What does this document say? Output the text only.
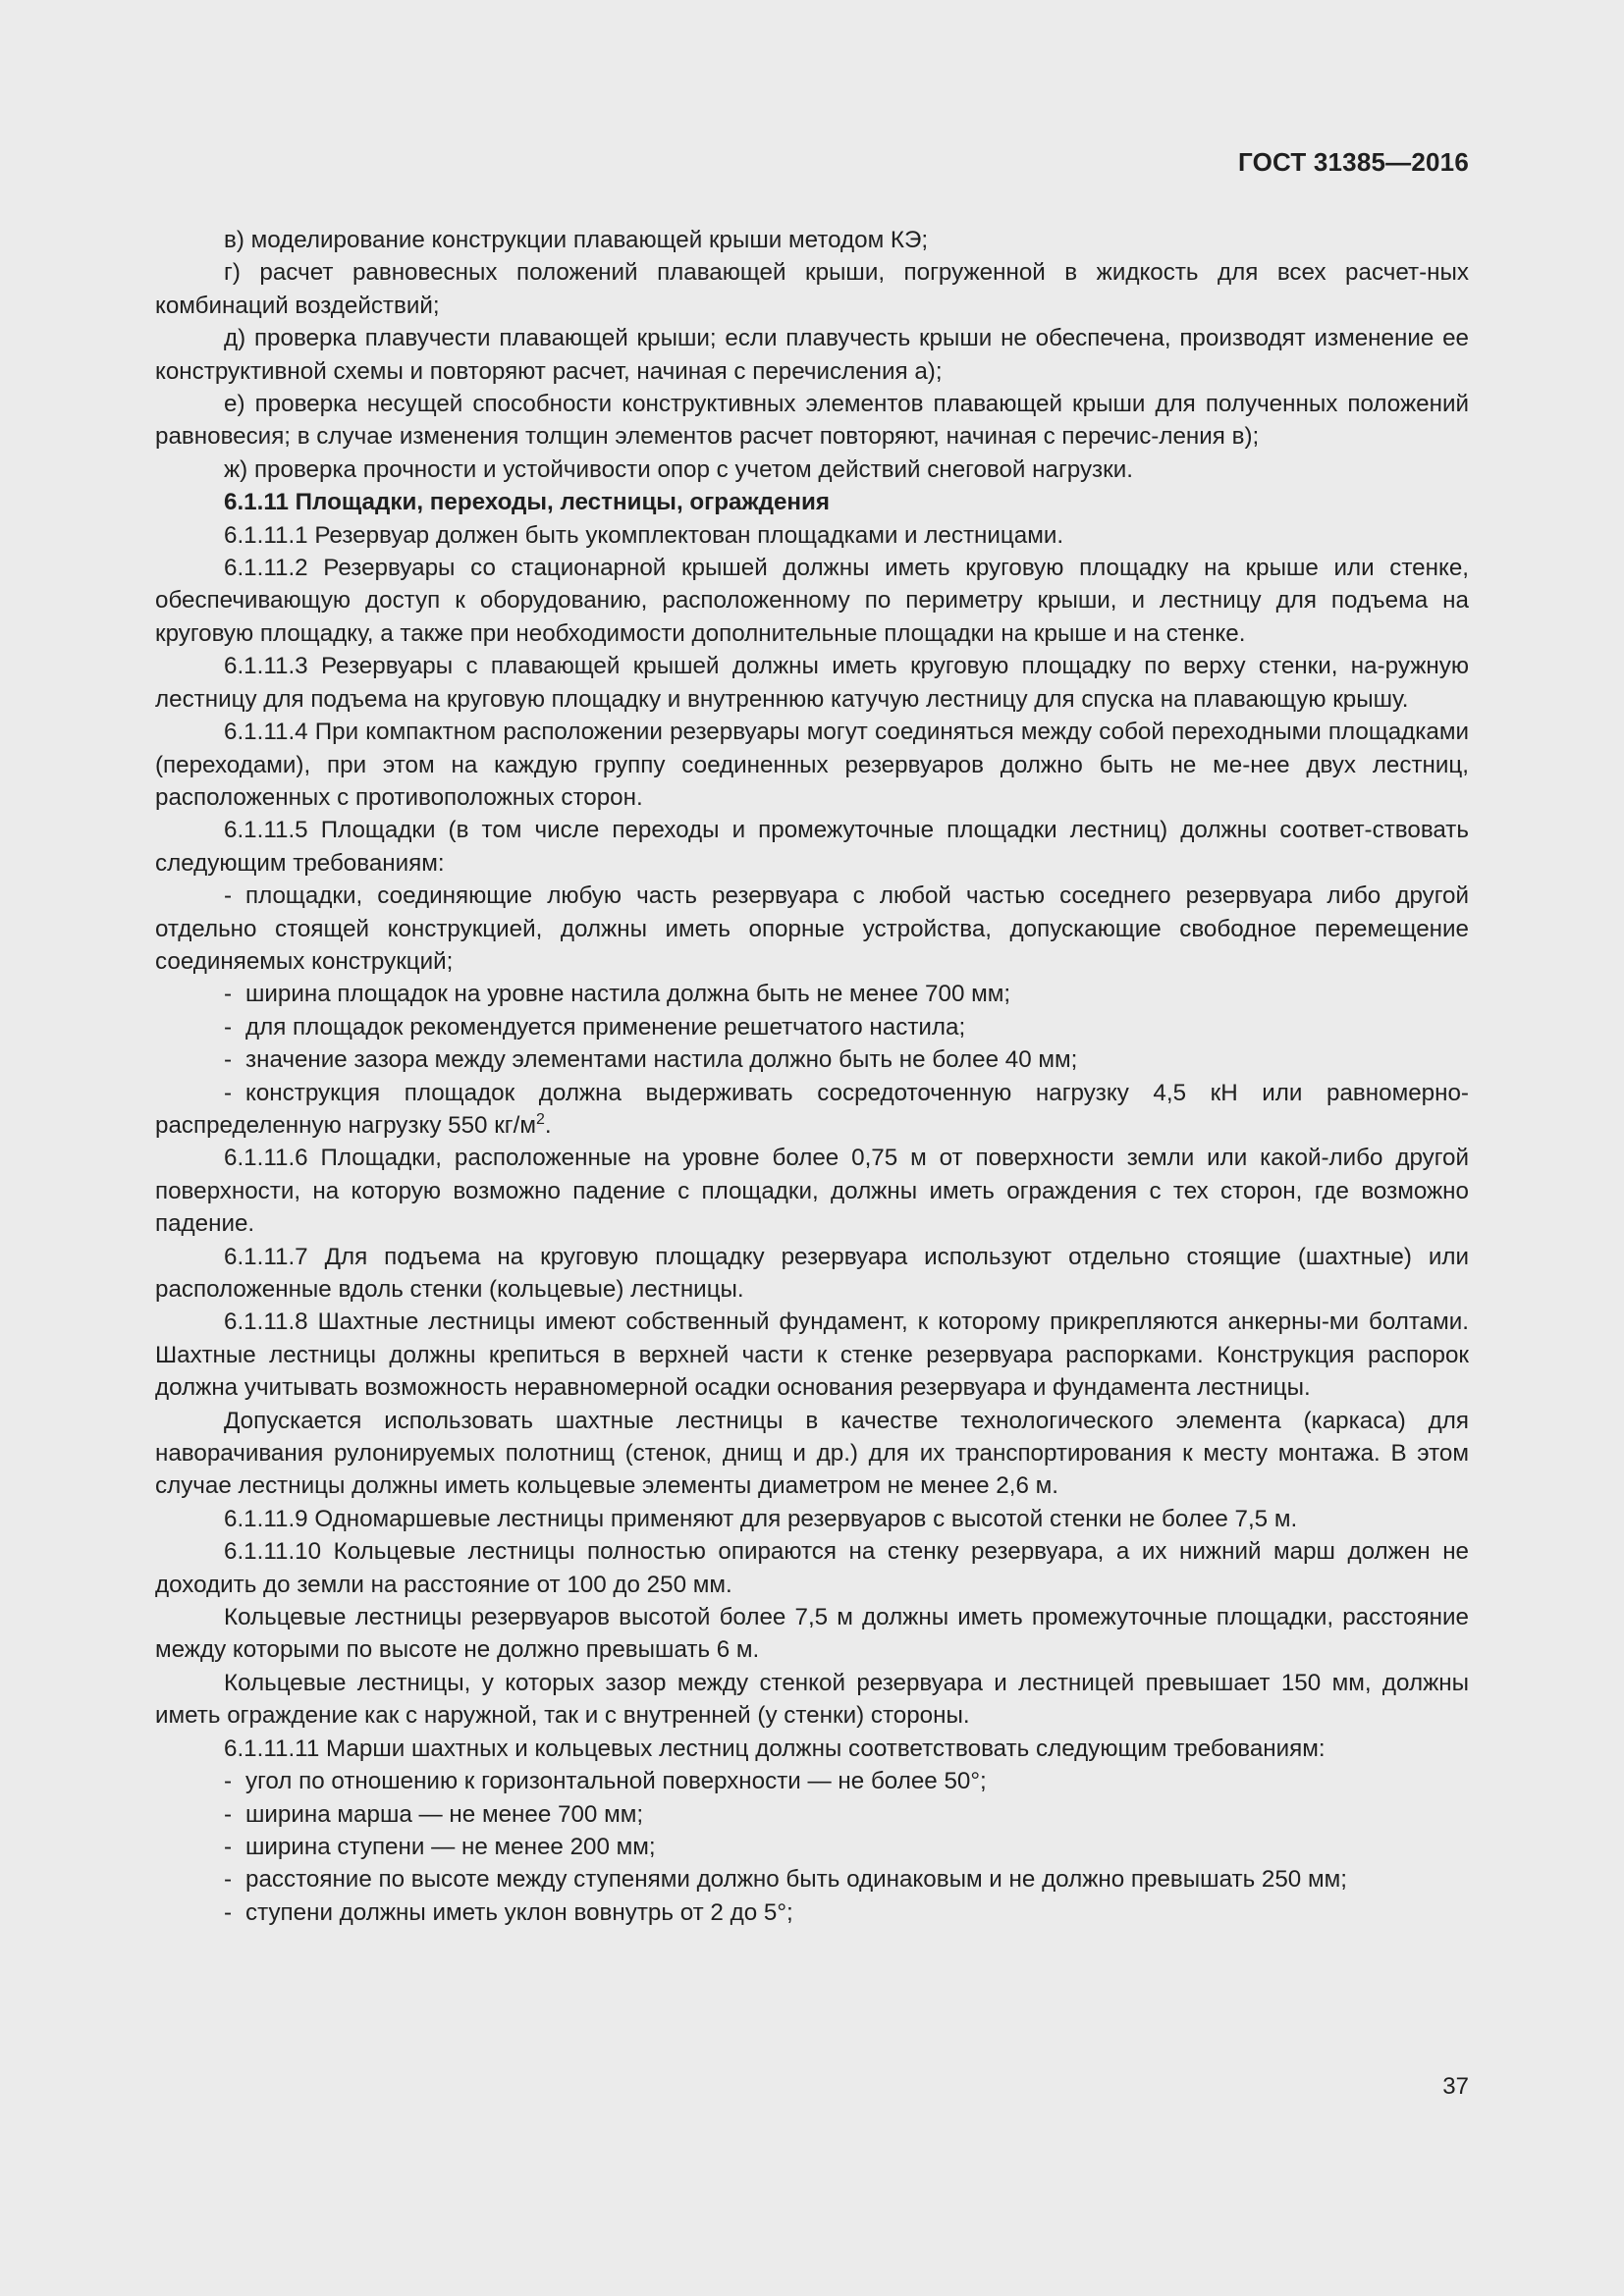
ГОСТ 31385—2016

в) моделирование конструкции плавающей крыши методом КЭ;

г) расчет равновесных положений плавающей крыши, погруженной в жидкость для всех расчет-ных комбинаций воздействий;

д) проверка плавучести плавающей крыши; если плавучесть крыши не обеспечена, производят изменение ее конструктивной схемы и повторяют расчет, начиная с перечисления а);

е) проверка несущей способности конструктивных элементов плавающей крыши для полученных положений равновесия; в случае изменения толщин элементов расчет повторяют, начиная с перечис-ления в);

ж) проверка прочности и устойчивости опор с учетом действий снеговой нагрузки.

6.1.11 Площадки, переходы, лестницы, ограждения

6.1.11.1 Резервуар должен быть укомплектован площадками и лестницами.

6.1.11.2 Резервуары со стационарной крышей должны иметь круговую площадку на крыше или стенке, обеспечивающую доступ к оборудованию, расположенному по периметру крыши, и лестницу для подъема на круговую площадку, а также при необходимости дополнительные площадки на крыше и на стенке.

6.1.11.3 Резервуары с плавающей крышей должны иметь круговую площадку по верху стенки, на-ружную лестницу для подъема на круговую площадку и внутреннюю катучую лестницу для спуска на плавающую крышу.

6.1.11.4 При компактном расположении резервуары могут соединяться между собой переходными площадками (переходами), при этом на каждую группу соединенных резервуаров должно быть не ме-нее двух лестниц, расположенных с противоположных сторон.

6.1.11.5 Площадки (в том числе переходы и промежуточные площадки лестниц) должны соответ-ствовать следующим требованиям:

- площадки, соединяющие любую часть резервуара с любой частью соседнего резервуара либо другой отдельно стоящей конструкцией, должны иметь опорные устройства, допускающие свободное перемещение соединяемых конструкций;

- ширина площадок на уровне настила должна быть не менее 700 мм;

- для площадок рекомендуется применение решетчатого настила;

- значение зазора между элементами настила должно быть не более 40 мм;

- конструкция площадок должна выдерживать сосредоточенную нагрузку 4,5 кН или равномерно-распределенную нагрузку 550 $кг/м^2$.

6.1.11.6 Площадки, расположенные на уровне более 0,75 м от поверхности земли или какой-либо другой поверхности, на которую возможно падение с площадки, должны иметь ограждения с тех сторон, где возможно падение.

6.1.11.7 Для подъема на круговую площадку резервуара используют отдельно стоящие (шахтные) или расположенные вдоль стенки (кольцевые) лестницы.

6.1.11.8 Шахтные лестницы имеют собственный фундамент, к которому прикрепляются анкерны-ми болтами. Шахтные лестницы должны крепиться в верхней части к стенке резервуара распорками. Конструкция распорок должна учитывать возможность неравномерной осадки основания резервуара и фундамента лестницы.

Допускается использовать шахтные лестницы в качестве технологического элемента (каркаса) для наворачивания рулонируемых полотнищ (стенок, днищ и др.) для их транспортирования к месту монтажа. В этом случае лестницы должны иметь кольцевые элементы диаметром не менее 2,6 м.

6.1.11.9 Одномаршевые лестницы применяют для резервуаров с высотой стенки не более 7,5 м.

6.1.11.10 Кольцевые лестницы полностью опираются на стенку резервуара, а их нижний марш должен не доходить до земли на расстояние от 100 до 250 мм.

Кольцевые лестницы резервуаров высотой более 7,5 м должны иметь промежуточные площадки, расстояние между которыми по высоте не должно превышать 6 м.

Кольцевые лестницы, у которых зазор между стенкой резервуара и лестницей превышает 150 мм, должны иметь ограждение как с наружной, так и с внутренней (у стенки) стороны.

6.1.11.11 Марши шахтных и кольцевых лестниц должны соответствовать следующим требованиям:

- угол по отношению к горизонтальной поверхности — не более 50°;

- ширина марша — не менее 700 мм;

- ширина ступени — не менее 200 мм;

- расстояние по высоте между ступенями должно быть одинаковым и не должно превышать 250 мм;

- ступени должны иметь уклон вовнутрь от 2 до 5°;

37
